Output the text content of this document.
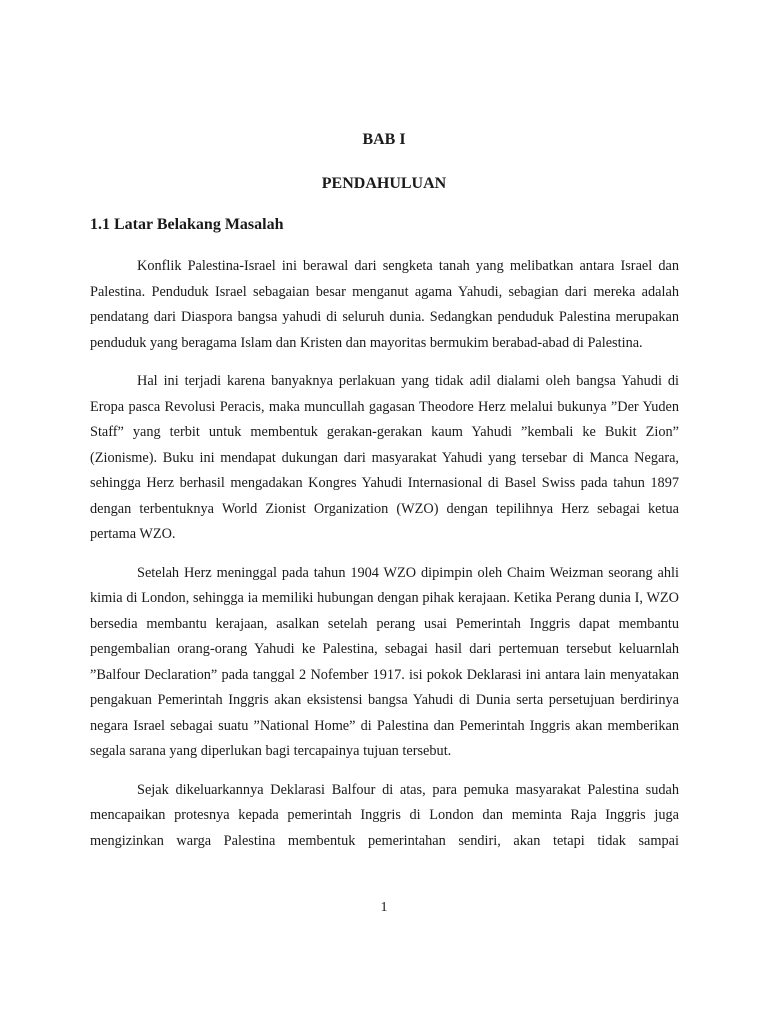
BAB I
PENDAHULUAN
1.1 Latar Belakang Masalah

Konflik Palestina-Israel ini berawal dari sengketa tanah yang melibatkan antara Israel dan Palestina. Penduduk Israel sebagaian besar menganut agama Yahudi, sebagian dari mereka adalah pendatang dari Diaspora bangsa yahudi di seluruh dunia. Sedangkan penduduk Palestina merupakan penduduk yang beragama Islam dan Kristen dan mayoritas bermukim berabad-abad di Palestina.

Hal ini terjadi karena banyaknya perlakuan yang tidak adil dialami oleh bangsa Yahudi di Eropa pasca Revolusi Peracis, maka muncullah gagasan Theodore Herz melalui bukunya ”Der Yuden Staff” yang terbit untuk membentuk gerakan-gerakan kaum Yahudi ”kembali ke Bukit Zion” (Zionisme). Buku ini mendapat dukungan dari masyarakat Yahudi yang tersebar di Manca Negara, sehingga Herz berhasil mengadakan Kongres Yahudi Internasional di Basel Swiss pada tahun 1897 dengan terbentuknya World Zionist Organization (WZO) dengan tepilihnya Herz sebagai ketua pertama WZO.

Setelah Herz meninggal pada tahun 1904 WZO dipimpin oleh Chaim Weizman seorang ahli kimia di London, sehingga ia memiliki hubungan dengan pihak kerajaan. Ketika Perang dunia I, WZO bersedia membantu kerajaan, asalkan setelah perang usai Pemerintah Inggris dapat membantu pengembalian orang-orang Yahudi ke Palestina, sebagai hasil dari pertemuan tersebut keluarnlah ”Balfour Declaration” pada tanggal 2 Nofember 1917. isi pokok Deklarasi ini antara lain menyatakan pengakuan Pemerintah Inggris akan eksistensi bangsa Yahudi di Dunia serta persetujuan berdirinya negara Israel sebagai suatu ”National Home” di Palestina dan Pemerintah Inggris akan memberikan segala sarana yang diperlukan bagi tercapainya tujuan tersebut.

Sejak dikeluarkannya Deklarasi Balfour di atas, para pemuka masyarakat Palestina sudah mencapaikan protesnya kepada pemerintah Inggris di London dan meminta Raja Inggris juga mengizinkan warga Palestina membentuk pemerintahan sendiri, akan tetapi tidak sampai

1
